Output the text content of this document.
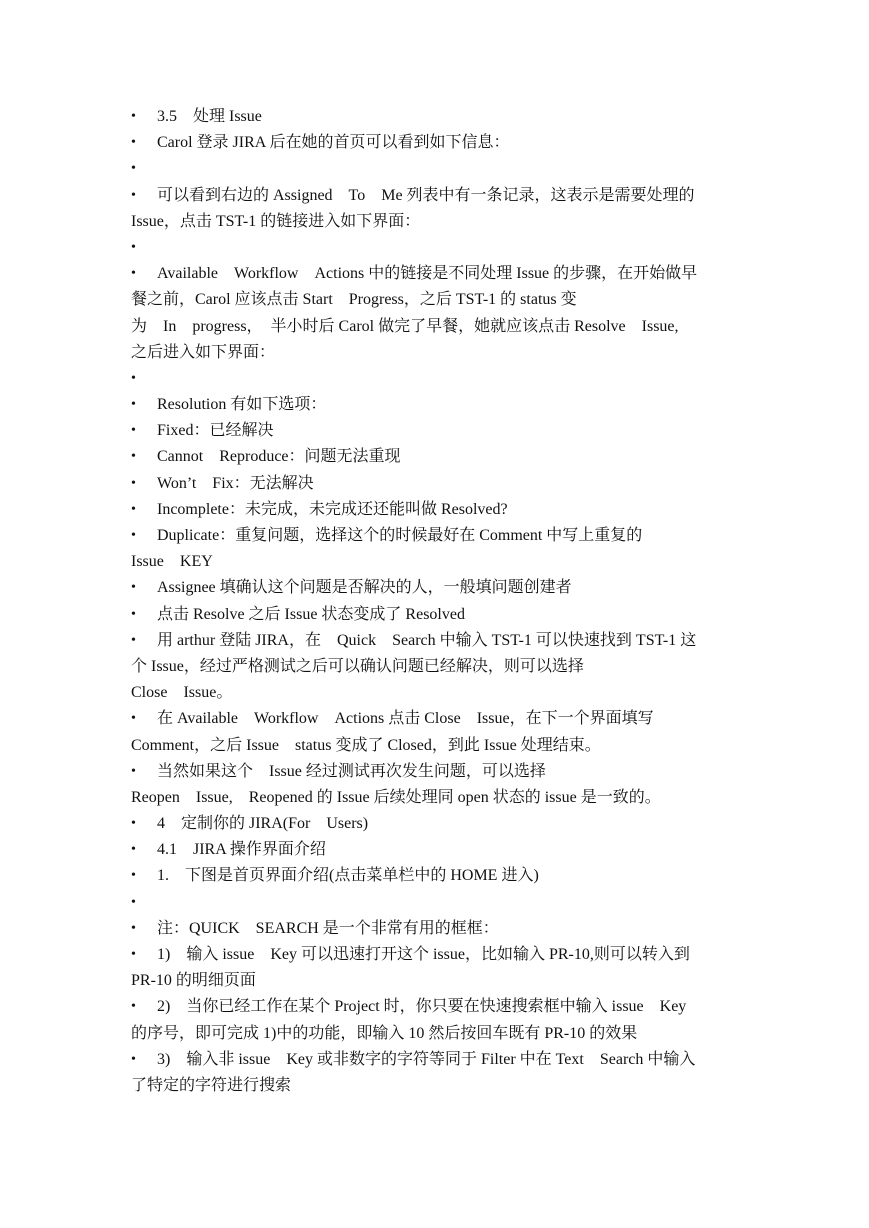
• 3.5　处理 Issue
• Carol 登录 JIRA 后在她的首页可以看到如下信息：
•
• 可以看到右边的 Assigned　To　Me 列表中有一条记录，这表示是需要处理的
Issue，点击 TST-1 的链接进入如下界面：
•
• Available　Workflow　Actions 中的链接是不同处理 Issue 的步骤，在开始做早
餐之前，Carol 应该点击 Start　Progress，之后 TST-1 的 status 变
为　In　progress，　半小时后 Carol 做完了早餐，她就应该点击 Resolve　Issue,
之后进入如下界面：
•
• Resolution 有如下选项：
• Fixed：已经解决
• Cannot　Reproduce：问题无法重现
• Won’t　Fix：无法解决
• Incomplete：未完成，未完成还还能叫做 Resolved?
• Duplicate：重复问题，选择这个的时候最好在 Comment 中写上重复的
Issue　KEY
• Assignee 填确认这个问题是否解决的人，一般填问题创建者
• 点击 Resolve 之后 Issue 状态变成了 Resolved
• 用 arthur 登陆 JIRA，在　Quick　Search 中输入 TST-1 可以快速找到 TST-1 这
个 Issue，经过严格测试之后可以确认问题已经解决，则可以选择
Close　Issue。
• 在 Available　Workflow　Actions 点击 Close　Issue，在下一个界面填写
Comment，之后 Issue　status 变成了 Closed，到此 Issue 处理结束。
• 当然如果这个　Issue 经过测试再次发生问题，可以选择
Reopen　Issue,　Reopened 的 Issue 后续处理同 open 状态的 issue 是一致的。
• 4　定制你的 JIRA(For　Users)
• 4.1　JIRA 操作界面介绍
• 1.　下图是首页界面介绍(点击菜单栏中的 HOME 进入)
•
• 注：QUICK　SEARCH 是一个非常有用的框框：
• 1)　输入 issue　Key 可以迅速打开这个 issue，比如输入 PR-10,则可以转入到
PR-10 的明细页面
• 2)　当你已经工作在某个 Project 时，你只要在快速搜索框中输入 issue　Key
的序号，即可完成 1)中的功能，即输入 10 然后按回车既有 PR-10 的效果
• 3)　输入非 issue　Key 或非数字的字符等同于 Filter 中在 Text　Search 中输入
了特定的字符进行搜索
